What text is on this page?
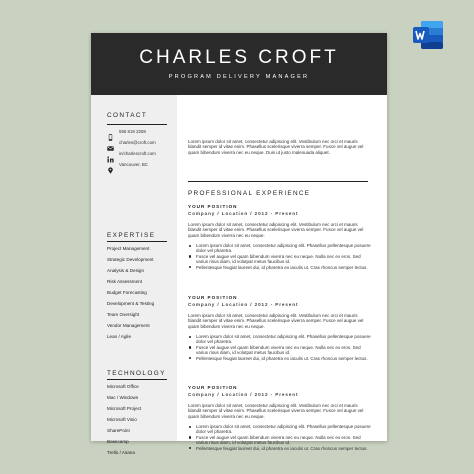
CHARLES CROFT
PROGRAM DELIVERY MANAGER
CONTACT
555 819 2259
charles@croft.com
in/charlescroft.com
Vancouver, BC
EXPERTISE
Project Management
Strategic Development
Analysis & Design
Risk Assessment
Budget Forecasting
Development & Testing
Team Oversight
Vendor Management
Lean / Agile
TECHNOLOGY
Microsoft Office
Mac / Windows
Microsoft Project
Microsoft Visio
SharePoint
Basecamp
Trello / Asana

Lorem ipsum dolor sit amet, consectetur adipiscing elit. Vestibulum nec orci et mauris blandit semper id vitae enim. Phasellus scelerisque viverra semper. Fusce vel augue vel quam bibendum viverra nec eu neque. Duis ut justo malesuada aliquet.

PROFESSIONAL EXPERIENCE
YOUR POSITION
Company / Location / 2012 - Present

Lorem ipsum dolor sit amet, consectetur adipiscing elit. Vestibulum nec orci et mauris blandit semper id vitae enim. Phasellus scelerisque viverra semper. Fusce vel augue vel quam bibendum viverra nec eu neque.

Lorem ipsum dolor sit amet, consectetur adipiscing elit. Phasellus pellentesque posuere dolor vel pharetra.
Fusce vel augue vel quam bibendum viverra nec eu neque. Nulla nec ex eros. Sed varius risus diam, id volutpat metus faucibus id.
Pellentesque feugiat laoreet dui, id pharetra ex iaculis ut. Cras rhoncus semper lectus.
YOUR POSITION
Company / Location / 2012 - Present

Lorem ipsum dolor sit amet, consectetur adipiscing elit. Vestibulum nec orci et mauris blandit semper id vitae enim. Phasellus scelerisque viverra semper. Fusce vel augue vel quam bibendum viverra nec eu neque.

Lorem ipsum dolor sit amet, consectetur adipiscing elit. Phasellus pellentesque posuere dolor vel pharetra.
Fusce vel augue vel quam bibendum viverra nec eu neque. Nulla nec ex eros. Sed varius risus diam, id volutpat metus faucibus id.
Pellentesque feugiat laoreet dui, id pharetra ex iaculis ut. Cras rhoncus semper lectus.
YOUR POSITION
Company / Location / 2012 - Present

Lorem ipsum dolor sit amet, consectetur adipiscing elit. Vestibulum nec orci et mauris blandit semper id vitae enim. Phasellus scelerisque viverra semper. Fusce vel augue vel quam bibendum viverra nec eu neque.

Lorem ipsum dolor sit amet, consectetur adipiscing elit. Phasellus pellentesque posuere dolor vel pharetra.
Fusce vel augue vel quam bibendum viverra nec eu neque. Nulla nec ex eros. Sed varius risus diam, id volutpat metus faucibus id.
Pellentesque feugiat laoreet dui, id pharetra ex iaculis ut. Cras rhoncus semper lectus.
